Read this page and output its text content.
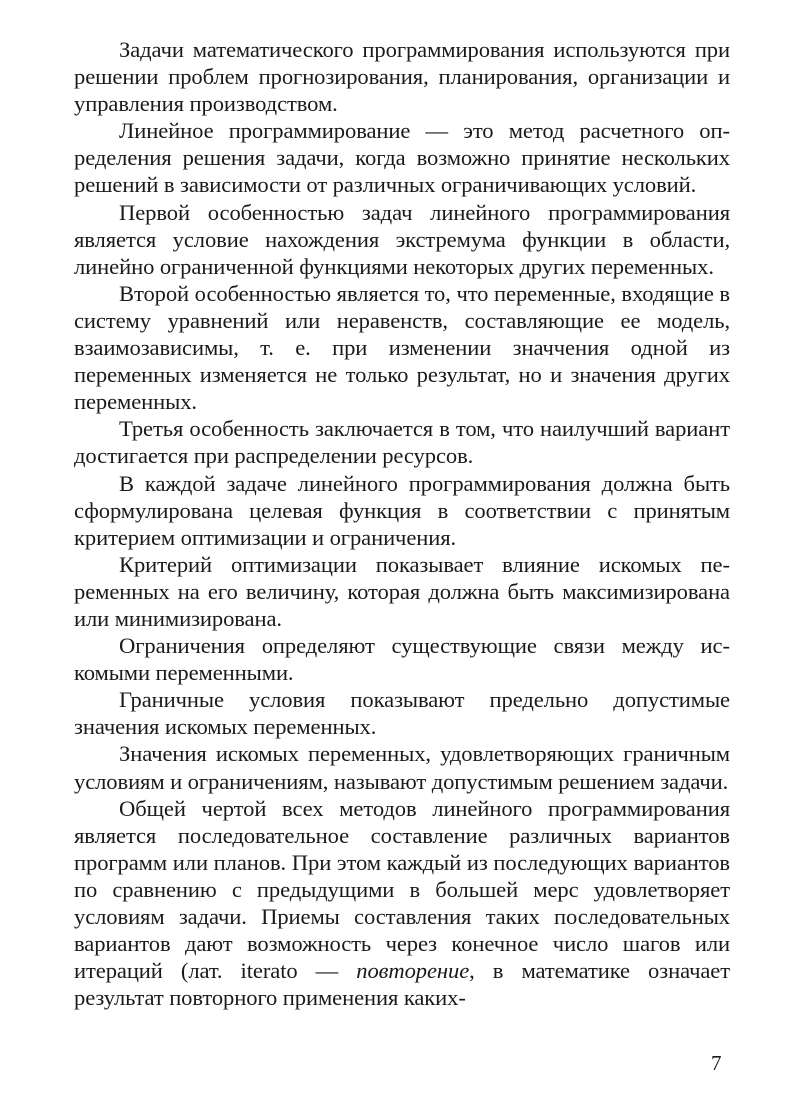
Задачи математического программирования используются при решении проблем прогнозирования, планирования, организации и управления производством.

Линейное программирование — это метод расчетного определения решения задачи, когда возможно принятие нескольких решений в зависимости от различных ограничивающих условий.

Первой особенностью задач линейного программирования является условие нахождения экстремума функции в области, линейно ограниченной функциями некоторых других переменных.

Второй особенностью является то, что переменные, входящие в систему уравнений или неравенств, составляющие ее модель, взаимозависимы, т. е. при изменении значчения одной из переменных изменяется не только результат, но и значения других переменных.

Третья особенность заключается в том, что наилучший вариант достигается при распределении ресурсов.

В каждой задаче линейного программирования должна быть сформулирована целевая функция в соответствии с принятым критерием оптимизации и ограничения.

Критерий оптимизации показывает влияние искомых переменных на его величину, которая должна быть максимизирована или минимизирована.

Ограничения определяют существующие связи между искомыми переменными.

Граничные условия показывают предельно допустимые значения искомых переменных.

Значения искомых переменных, удовлетворяющих граничным условиям и ограничениям, называют допустимым решением задачи.

Общей чертой всех методов линейного программирования является последовательное составление различных вариантов программ или планов. При этом каждый из последующих вариантов по сравнению с предыдущими в большей мерс удовлетворяет условиям задачи. Приемы составления таких последовательных вариантов дают возможность через конечное число шагов или итераций (лат. iterato — повторение, в математике означает результат повторного применения каких-

7
